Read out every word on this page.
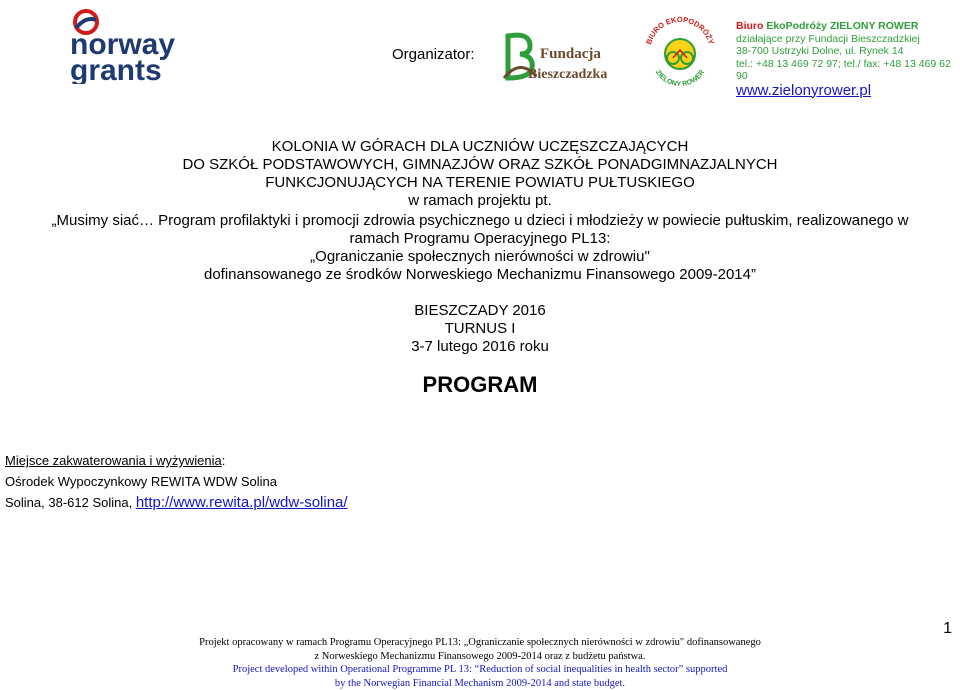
norway
grants	Organizator:	Fundacja
Bieszczadzka
BIURO EKOPODRÓŻY
ZIELONY ROWER
Biuro EkoPodróży ZIELONY ROWER
działające przy Fundacji Bieszczadzkiej
38-700 Ustrzyki Dolne, ul. Rynek 14
tel.: +48 13 469 72 97; tel./ fax: +48 13 469 62 90
www.zielonyrower.pl
KOLONIA W GÓRACH DLA UCZNIÓW UCZĘSZCZAJĄCYCH
DO SZKÓŁ PODSTAWOWYCH, GIMNAZJÓW ORAZ SZKÓŁ PONADGIMNAZJALNYCH
FUNKCJONUJĄCYCH NA TERENIE POWIATU PUŁTUSKIEGO
w ramach projektu pt.
„Musimy siać… Program profilaktyki i promocji zdrowia psychicznego u dzieci i młodzieży w powiecie pułtuskim, realizowanego w
ramach Programu Operacyjnego PL13:
„Ograniczanie społecznych nierówności w zdrowiu"
dofinansowanego ze środków Norweskiego Mechanizmu Finansowego 2009-2014”
BIESZCZADY 2016
TURNUS I
3-7 lutego 2016 roku
PROGRAM
Miejsce zakwaterowania i wyżywienia:
Ośrodek Wypoczynkowy REWITA WDW Solina
Solina, 38-612 Solina, http://www.rewita.pl/wdw-solina/
1
Projekt opracowany w ramach Programu Operacyjnego PL13: „Ograniczanie społecznych nierówności w zdrowiu" dofinansowanego
z Norweskiego Mechanizmu Finansowego 2009-2014 oraz z budżetu państwa.
Project developed within Operational Programme PL 13: “Reduction of social inequalities in health sector” supported
by the Norwegian Financial Mechanism 2009-2014 and state budget.
